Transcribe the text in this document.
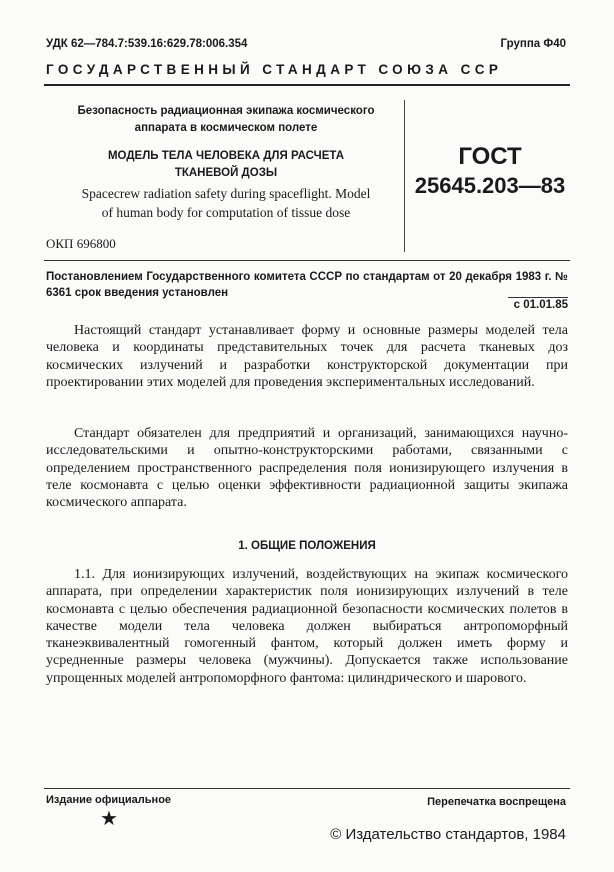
УДК 62—784.7:539.16:629.78:006.354	Группа Ф40
ГОСУДАРСТВЕННЫЙ СТАНДАРТ СОЮЗА ССР
Безопасность радиационная экипажа космического
аппарата в космическом полете
МОДЕЛЬ ТЕЛА ЧЕЛОВЕКА ДЛЯ РАСЧЕТА
ТКАНЕВОЙ ДОЗЫ
Spacecrew radiation safety during spaceflight. Model
of human body for computation of tissue dose
ОКП 696800
ГОСТ
25645.203—83
Постановлением Государственного комитета СССР по стандартам от 20 декабря 1983 г. № 6361 срок введения установлен
с 01.01.85
Настоящий стандарт устанавливает форму и основные размеры моделей тела человека и координаты представительных точек для расчета тканевых доз космических излучений и разработки конструкторской документации при проектировании этих моделей для проведения экспериментальных исследований.
Стандарт обязателен для предприятий и организаций, занимающихся научно-исследовательскими и опытно-конструкторскими работами, связанными с определением пространственного распределения поля ионизирующего излучения в теле космонавта с целью оценки эффективности радиационной защиты экипажа космического аппарата.
1. ОБЩИЕ ПОЛОЖЕНИЯ
1.1. Для ионизирующих излучений, воздействующих на экипаж космического аппарата, при определении характеристик поля ионизирующих излучений в теле космонавта с целью обеспечения радиационной безопасности космических полетов в качестве модели тела человека должен выбираться антропоморфный тканеэквивалентный гомогенный фантом, который должен иметь форму и усредненные размеры человека (мужчины). Допускается также использование упрощенных моделей антропоморфного фантома: цилиндрического и шарового.
Издание официальное
★
Перепечатка воспрещена
© Издательство стандартов, 1984
